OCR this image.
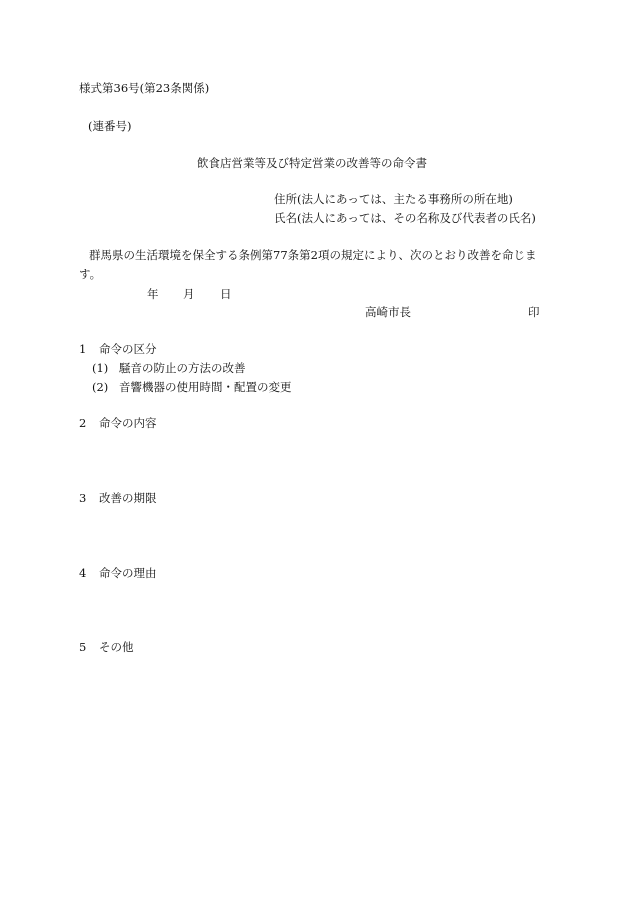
様式第36号(第23条関係)
(連番号)
飲食店営業等及び特定営業の改善等の命令書
住所(法人にあっては、主たる事務所の所在地)
氏名(法人にあっては、その名称及び代表者の氏名)
群馬県の生活環境を保全する条例第77条第2項の規定により、次のとおり改善を命じま
す。
年 月 日
高崎市長	印
1 命令の区分
(1) 騒音の防止の方法の改善
(2) 音響機器の使用時間・配置の変更
2 命令の内容
3 改善の期限
4 命令の理由
5 その他
